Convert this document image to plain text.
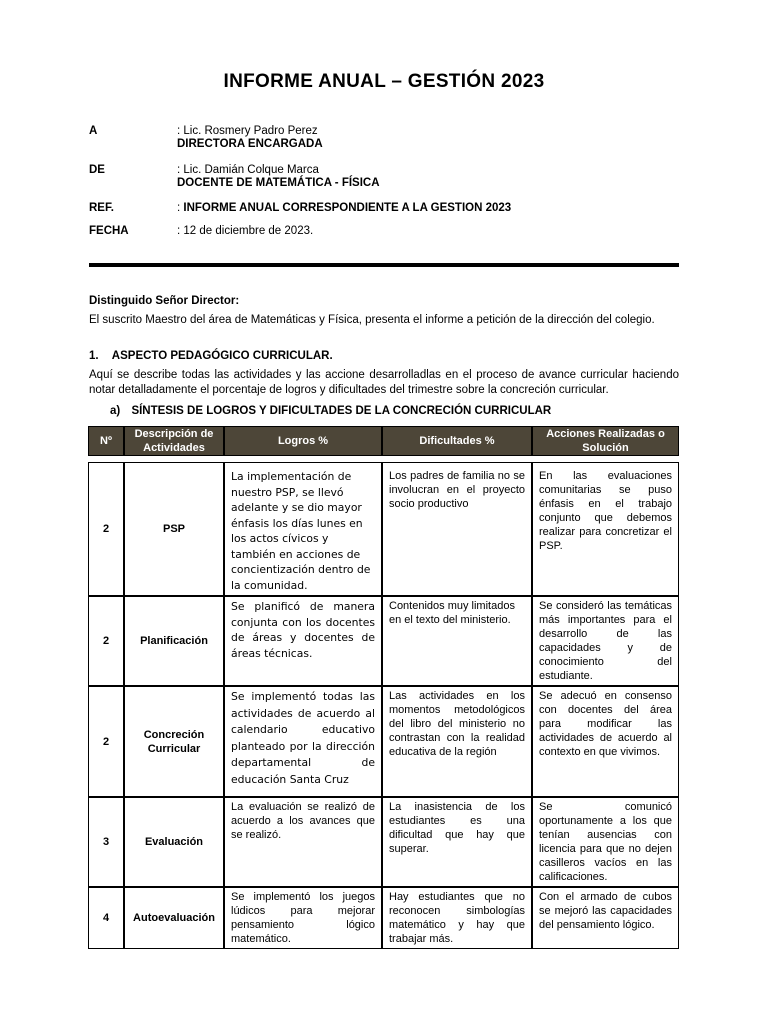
INFORME ANUAL – GESTIÓN 2023
A	: Lic. Rosmery Padro Perez
DIRECTORA ENCARGADA
DE	: Lic. Damián Colque Marca
DOCENTE DE MATEMÁTICA - FÍSICA
REF.	: INFORME ANUAL CORRESPONDIENTE A LA GESTION 2023
FECHA	: 12 de diciembre de 2023.
Distinguido Señor Director:
El suscrito Maestro del área de Matemáticas y Física, presenta el informe a petición de la dirección del colegio.
1. ASPECTO PEDAGÓGICO CURRICULAR.
Aquí se describe todas las actividades y las accione desarrolladlas en el proceso de avance curricular haciendo notar detalladamente el porcentaje de logros y dificultades del trimestre sobre la concreción curricular.
a) SÍNTESIS DE LOGROS Y DIFICULTADES DE LA CONCRECIÓN CURRICULAR
Nº	Descripción de Actividades	Logros %	Dificultades %	Acciones Realizadas o Solución

2	PSP	La implementación de nuestro PSP, se llevó adelante y se dio mayor énfasis los días lunes en los actos cívicos y también en acciones de concientización dentro de la comunidad.	Los padres de familia no se involucran en el proyecto socio productivo	En las evaluaciones comunitarias se puso énfasis en el trabajo conjunto que debemos realizar para concretizar el PSP.
2	Planificación	Se planificó de manera conjunta con los docentes de áreas y docentes de áreas técnicas.	Contenidos muy limitados en el texto del ministerio.	Se consideró las temáticas más importantes para el desarrollo de las capacidades y de conocimiento del estudiante.
2	Concreción Curricular	Se implementó todas las actividades de acuerdo al calendario educativo planteado por la dirección departamental de educación Santa Cruz	Las actividades en los momentos metodológicos del libro del ministerio no contrastan con la realidad educativa de la región	Se adecuó en consenso con docentes del área para modificar las actividades de acuerdo al contexto en que vivimos.
3	Evaluación	La evaluación se realizó de acuerdo a los avances que se realizó.	La inasistencia de los estudiantes es una dificultad que hay que superar.	Se comunicó oportunamente a los que tenían ausencias con licencia para que no dejen casilleros vacíos en las calificaciones.
4	Autoevaluación	Se implementó los juegos lúdicos para mejorar pensamiento lógico matemático.	Hay estudiantes que no reconocen simbologías matemático y hay que trabajar más.	Con el armado de cubos se mejoró las capacidades del pensamiento lógico.
